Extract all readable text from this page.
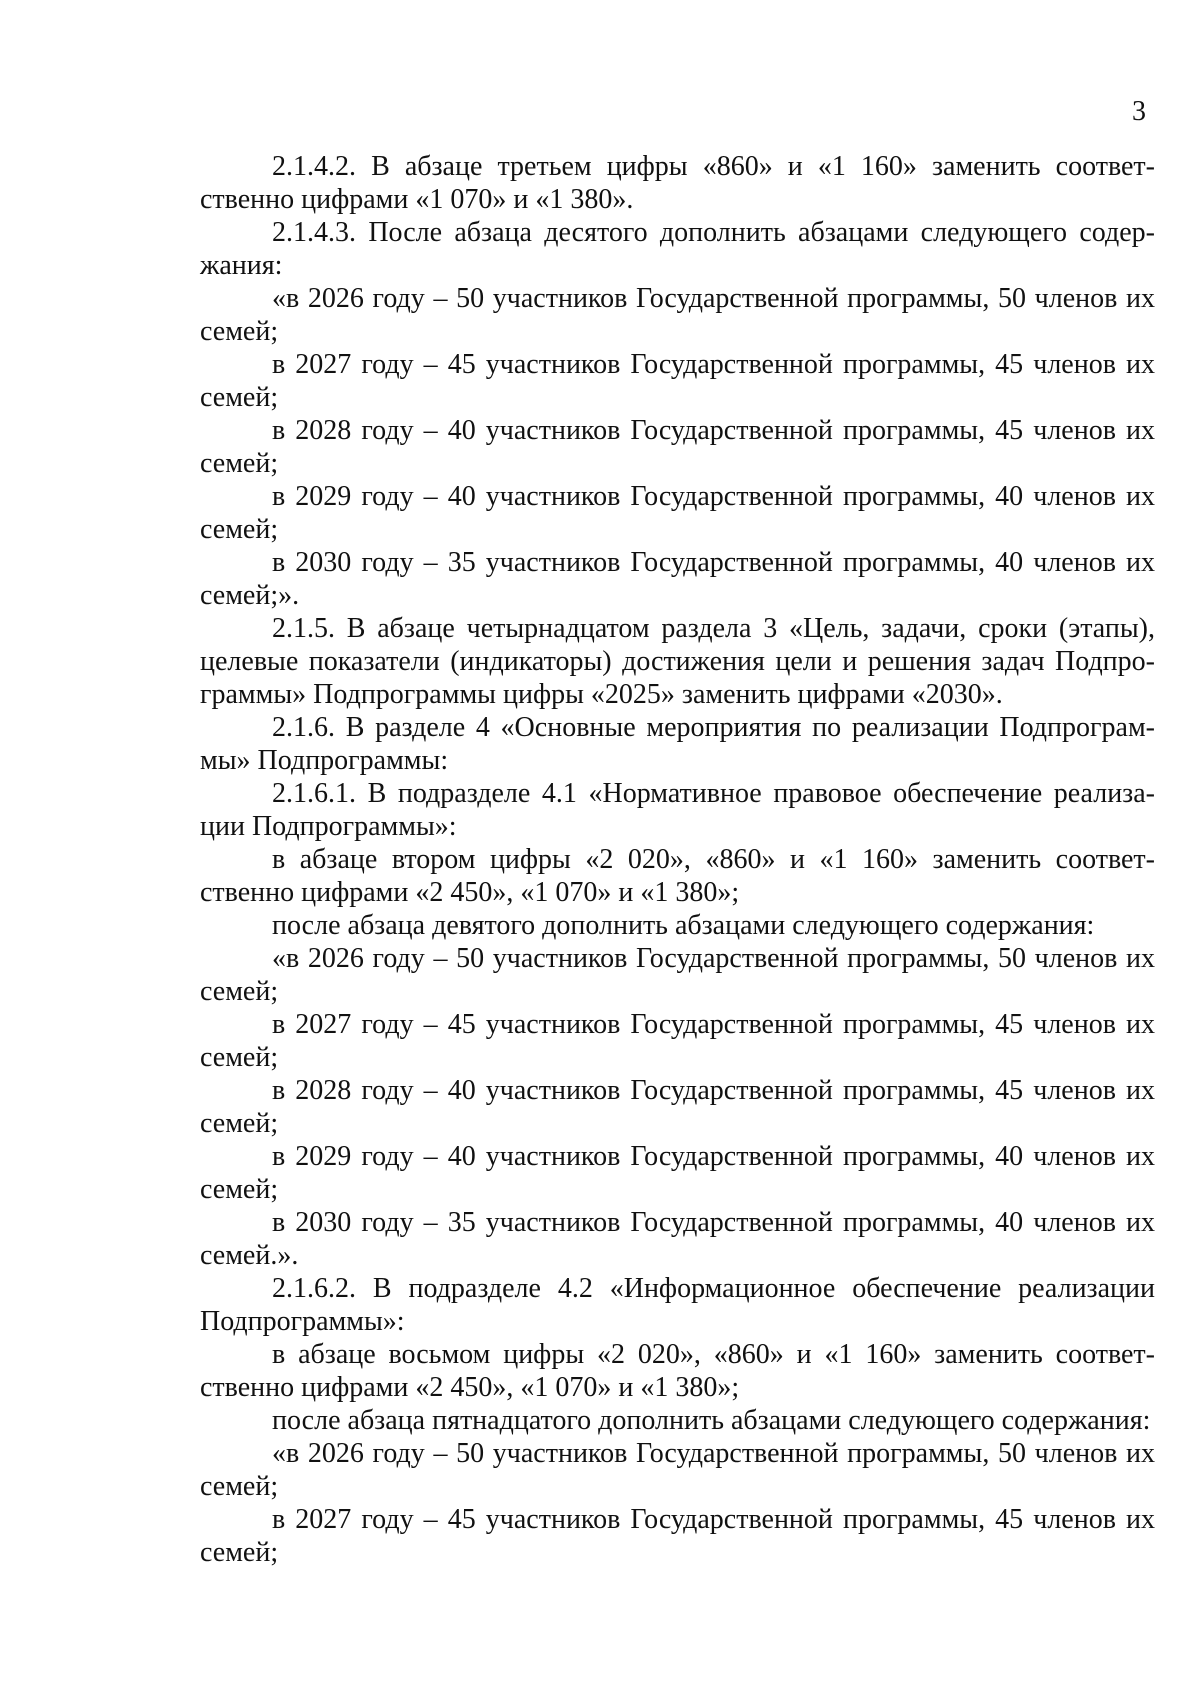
3

2.1.4.2. В абзаце третьем цифры «860» и «1 160» заменить соответственно цифрами «1 070» и «1 380».

2.1.4.3. После абзаца десятого дополнить абзацами следующего содержания:

«в 2026 году – 50 участников Государственной программы, 50 членов их семей;

в 2027 году – 45 участников Государственной программы, 45 членов их семей;

в 2028 году – 40 участников Государственной программы, 45 членов их семей;

в 2029 году – 40 участников Государственной программы, 40 членов их семей;

в 2030 году – 35 участников Государственной программы, 40 членов их семей;».

2.1.5. В абзаце четырнадцатом раздела 3 «Цель, задачи, сроки (этапы), целевые показатели (индикаторы) достижения цели и решения задач Подпрограммы» Подпрограммы цифры «2025» заменить цифрами «2030».

2.1.6. В разделе 4 «Основные мероприятия по реализации Подпрограммы» Подпрограммы:

2.1.6.1. В подразделе 4.1 «Нормативное правовое обеспечение реализации Подпрограммы»:

в абзаце втором цифры «2 020», «860» и «1 160» заменить соответственно цифрами «2 450», «1 070» и «1 380»;

после абзаца девятого дополнить абзацами следующего содержания:

«в 2026 году – 50 участников Государственной программы, 50 членов их семей;

в 2027 году – 45 участников Государственной программы, 45 членов их семей;

в 2028 году – 40 участников Государственной программы, 45 членов их семей;

в 2029 году – 40 участников Государственной программы, 40 членов их семей;

в 2030 году – 35 участников Государственной программы, 40 членов их семей.».

2.1.6.2. В подразделе 4.2 «Информационное обеспечение реализации Подпрограммы»:

в абзаце восьмом цифры «2 020», «860» и «1 160» заменить соответственно цифрами «2 450», «1 070» и «1 380»;

после абзаца пятнадцатого дополнить абзацами следующего содержания:

«в 2026 году – 50 участников Государственной программы, 50 членов их семей;

в 2027 году – 45 участников Государственной программы, 45 членов их семей;
